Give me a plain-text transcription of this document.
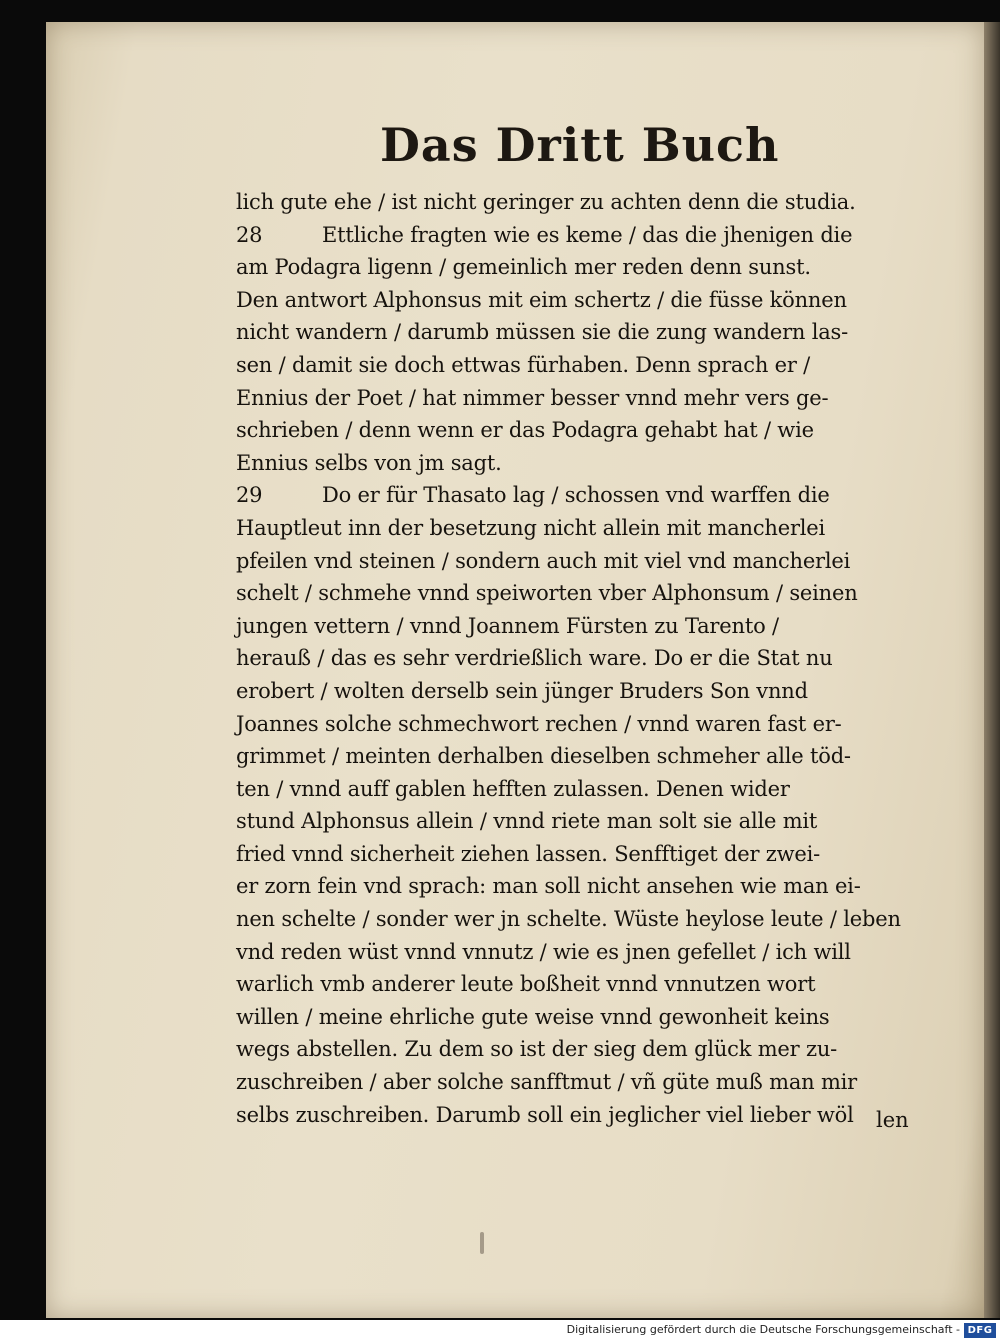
Das Dritt Buch
lich gute ehe / ist nicht geringer zu achten denn die studia.
28	Ettliche fragten wie es keme / das die jhenigen die
am Podagra ligenn / gemeinlich mer reden denn sunst.
Den antwort Alphonsus mit eim schertz / die füsse können
nicht wandern / darumb müssen sie die zung wandern las-
sen / damit sie doch ettwas fürhaben. Denn sprach er /
Ennius der Poet / hat nimmer besser vnnd mehr vers ge-
schrieben / denn wenn er das Podagra gehabt hat / wie
Ennius selbs von jm sagt.
29	Do er für Thasato lag / schossen vnd warffen die
Hauptleut inn der besetzung nicht allein mit mancherlei
pfeilen vnd steinen / sondern auch mit viel vnd mancherlei
schelt / schmehe vnnd speiworten vber Alphonsum / seinen
jungen vettern / vnnd Joannem Fürsten zu Tarento /
herauß / das es sehr verdrießlich ware. Do er die Stat nu
erobert / wolten derselb sein jünger Bruders Son vnnd
Joannes solche schmechwort rechen / vnnd waren fast er-
grimmet / meinten derhalben dieselben schmeher alle töd-
ten / vnnd auff gablen hefften zulassen. Denen wider
stund Alphonsus allein / vnnd riete man solt sie alle mit
fried vnnd sicherheit ziehen lassen. Senfftiget der zwei-
er zorn fein vnd sprach: man soll nicht ansehen wie man ei-
nen schelte / sonder wer jn schelte. Wüste heylose leute / leben
vnd reden wüst vnnd vnnutz / wie es jnen gefellet / ich will
warlich vmb anderer leute boßheit vnnd vnnutzen wort
willen / meine ehrliche gute weise vnnd gewonheit keins
wegs abstellen. Zu dem so ist der sieg dem glück mer zu-
zuschreiben / aber solche sanfftmut / vñ güte muß man mir
selbs zuschreiben. Darumb soll ein jeglicher viel lieber wöl len
Digitalisierung gefördert durch die Deutsche Forschungsgemeinschaft - DFG
